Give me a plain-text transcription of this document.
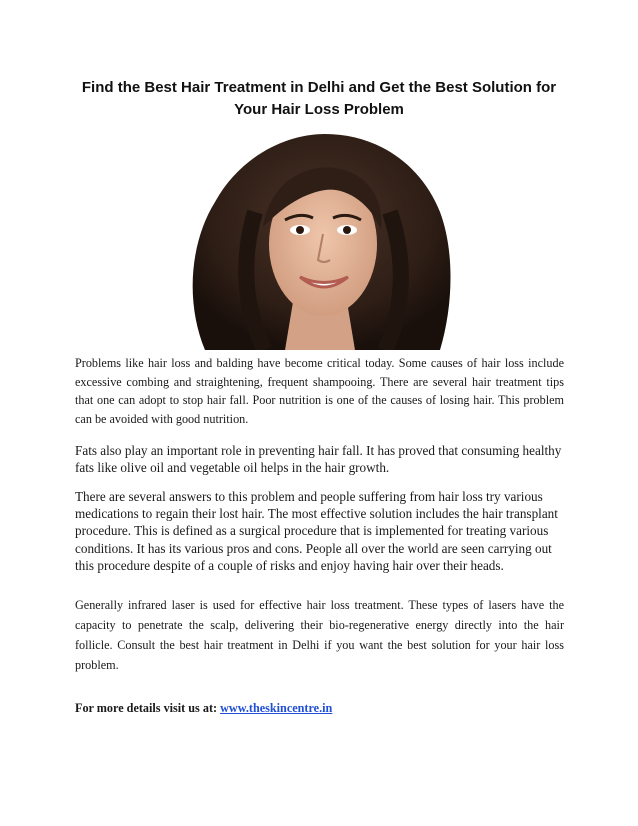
Find the Best Hair Treatment in Delhi and Get the Best Solution for Your Hair Loss Problem

Problems like hair loss and balding have become critical today. Some causes of hair loss include excessive combing and straightening, frequent shampooing. There are several hair treatment tips that one can adopt to stop hair fall. Poor nutrition is one of the causes of losing hair. This problem can be avoided with good nutrition.

Fats also play an important role in preventing hair fall. It has proved that consuming healthy fats like olive oil and vegetable oil helps in the hair growth.

There are several answers to this problem and people suffering from hair loss try various medications to regain their lost hair. The most effective solution includes the hair transplant procedure. This is defined as a surgical procedure that is implemented for treating various conditions. It has its various pros and cons. People all over the world are seen carrying out this procedure despite of a couple of risks and enjoy having hair over their heads.

Generally infrared laser is used for effective hair loss treatment. These types of lasers have the capacity to penetrate the scalp, delivering their bio-regenerative energy directly into the hair follicle. Consult the best hair treatment in Delhi if you want the best solution for your hair loss problem.

For more details visit us at: www.theskincentre.in
